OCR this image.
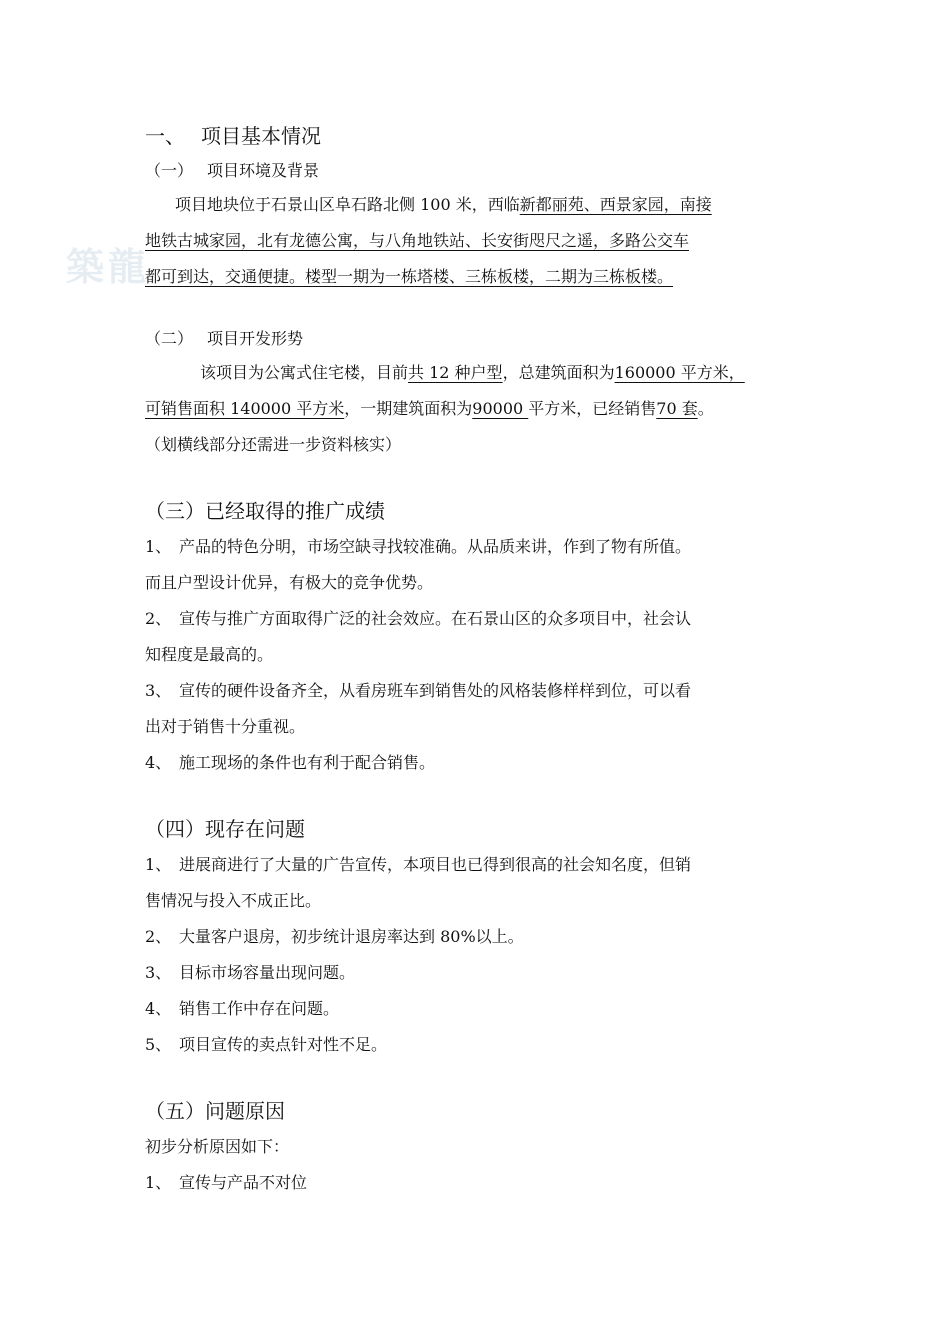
築龍
一、 项目基本情况
（一） 项目环境及背景
项目地块位于石景山区阜石路北侧 100 米，西临新都丽苑、西景家园，南接
地铁古城家园，北有龙德公寓，与八角地铁站、长安街咫尺之遥，多路公交车
都可到达，交通便捷。楼型一期为一栋塔楼、三栋板楼，二期为三栋板楼。
（二） 项目开发形势
该项目为公寓式住宅楼，目前共 12 种户型，总建筑面积为160000 平方米，
可销售面积 140000 平方米，一期建筑面积为90000 平方米，已经销售70 套。
（划横线部分还需进一步资料核实）
（三）已经取得的推广成绩
1、 产品的特色分明，市场空缺寻找较准确。从品质来讲，作到了物有所值。
而且户型设计优异，有极大的竞争优势。
2、 宣传与推广方面取得广泛的社会效应。在石景山区的众多项目中，社会认
知程度是最高的。
3、 宣传的硬件设备齐全，从看房班车到销售处的风格装修样样到位，可以看
出对于销售十分重视。
4、 施工现场的条件也有利于配合销售。
（四）现存在问题
1、 进展商进行了大量的广告宣传，本项目也已得到很高的社会知名度，但销
售情况与投入不成正比。
2、 大量客户退房，初步统计退房率达到 80%以上。
3、 目标市场容量出现问题。
4、 销售工作中存在问题。
5、 项目宣传的卖点针对性不足。
（五）问题原因
初步分析原因如下：
1、 宣传与产品不对位
